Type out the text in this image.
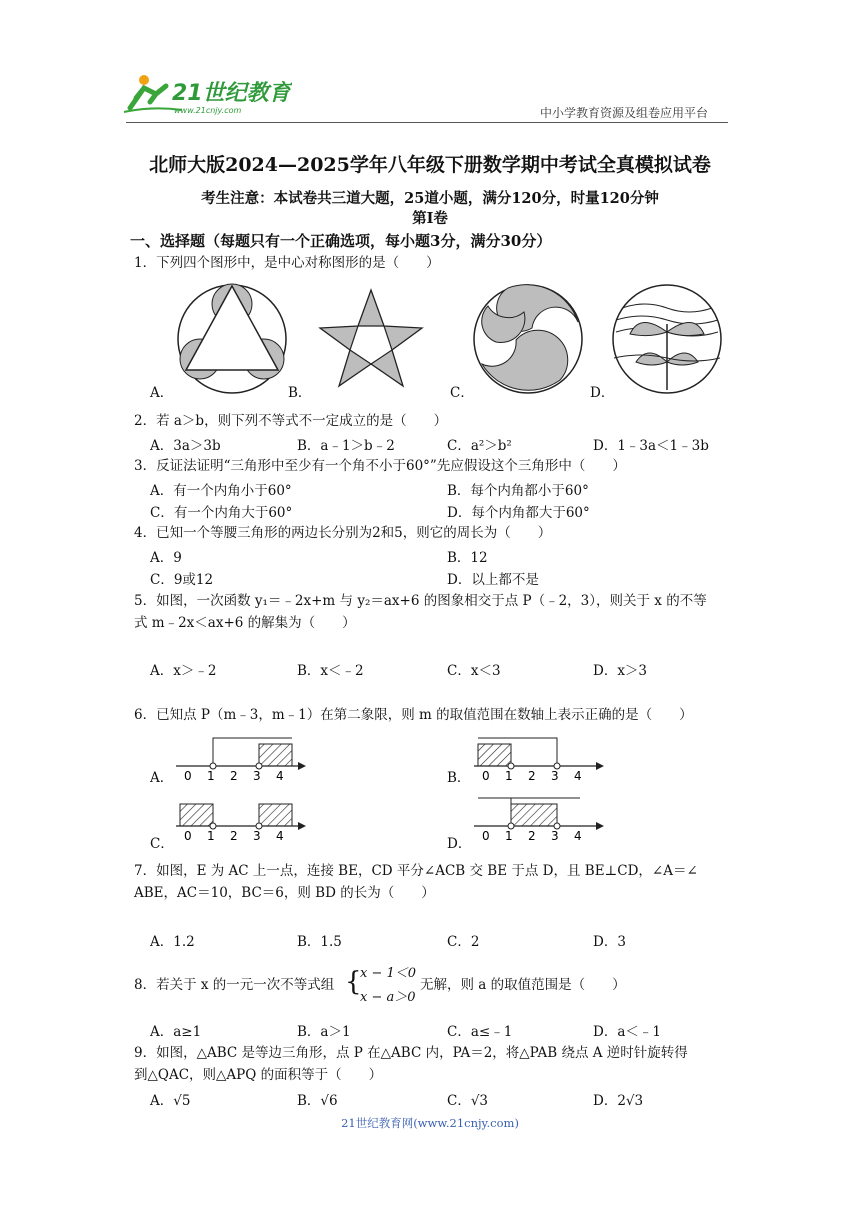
21世纪教育
www.21cnjy.com	中小学教育资源及组卷应用平台
北师大版2024—2025学年八年级下册数学期中考试全真模拟试卷
考生注意：本试卷共三道大题，25道小题，满分120分，时量120分钟
第Ⅰ卷
一、选择题（每题只有一个正确选项，每小题3分，满分30分）
1．下列四个图形中，是中心对称图形的是（　　）
A．	B．	C．	D．
2．若 a＞b，则下列不等式不一定成立的是（　　）
A．3a＞3b	B．a﹣1＞b﹣2	C．a²＞b²	D．1﹣3a＜1﹣3b
3．反证法证明“三角形中至少有一个角不小于60°”先应假设这个三角形中（　　）
A．有一个内角小于60°	B．每个内角都小于60°
C．有一个内角大于60°	D．每个内角都大于60°
4．已知一个等腰三角形的两边长分别为2和5，则它的周长为（　　）
A．9	B．12
C．9或12	D．以上都不是
5．如图，一次函数 y₁＝﹣2x+m 与 y₂＝ax+6 的图象相交于点 P（﹣2，3），则关于 x 的不等
式 m﹣2x＜ax+6 的解集为（　　）
A．x＞﹣2	B．x＜﹣2	C．x＜3	D．x＞3
6．已知点 P（m﹣3，m﹣1）在第二象限，则 m 的取值范围在数轴上表示正确的是（　　）
0 1 2 3 4	0 1 2 3 4
0 1 2 3 4	0 1 2 3 4
A．	B．
C．	D．
7．如图，E 为 AC 上一点，连接 BE，CD 平分∠ACB 交 BE 于点 D，且 BE⊥CD，∠A＝∠
ABE，AC＝10，BC＝6，则 BD 的长为（　　）
A．1.2	B．1.5	C．2	D．3
8．若关于 x 的一元一次不等式组 {
x − 1＜0
x − a＞0
无解，则 a 的取值范围是（　　）
A．a≥1	B．a＞1	C．a≤﹣1	D．a＜﹣1
9．如图，△ABC 是等边三角形，点 P 在△ABC 内，PA＝2，将△PAB 绕点 A 逆时针旋转得
到△QAC，则△APQ 的面积等于（　　）
A．√5	B．√6	C．√3	D．2√3
21世纪教育网(www.21cnjy.com)
